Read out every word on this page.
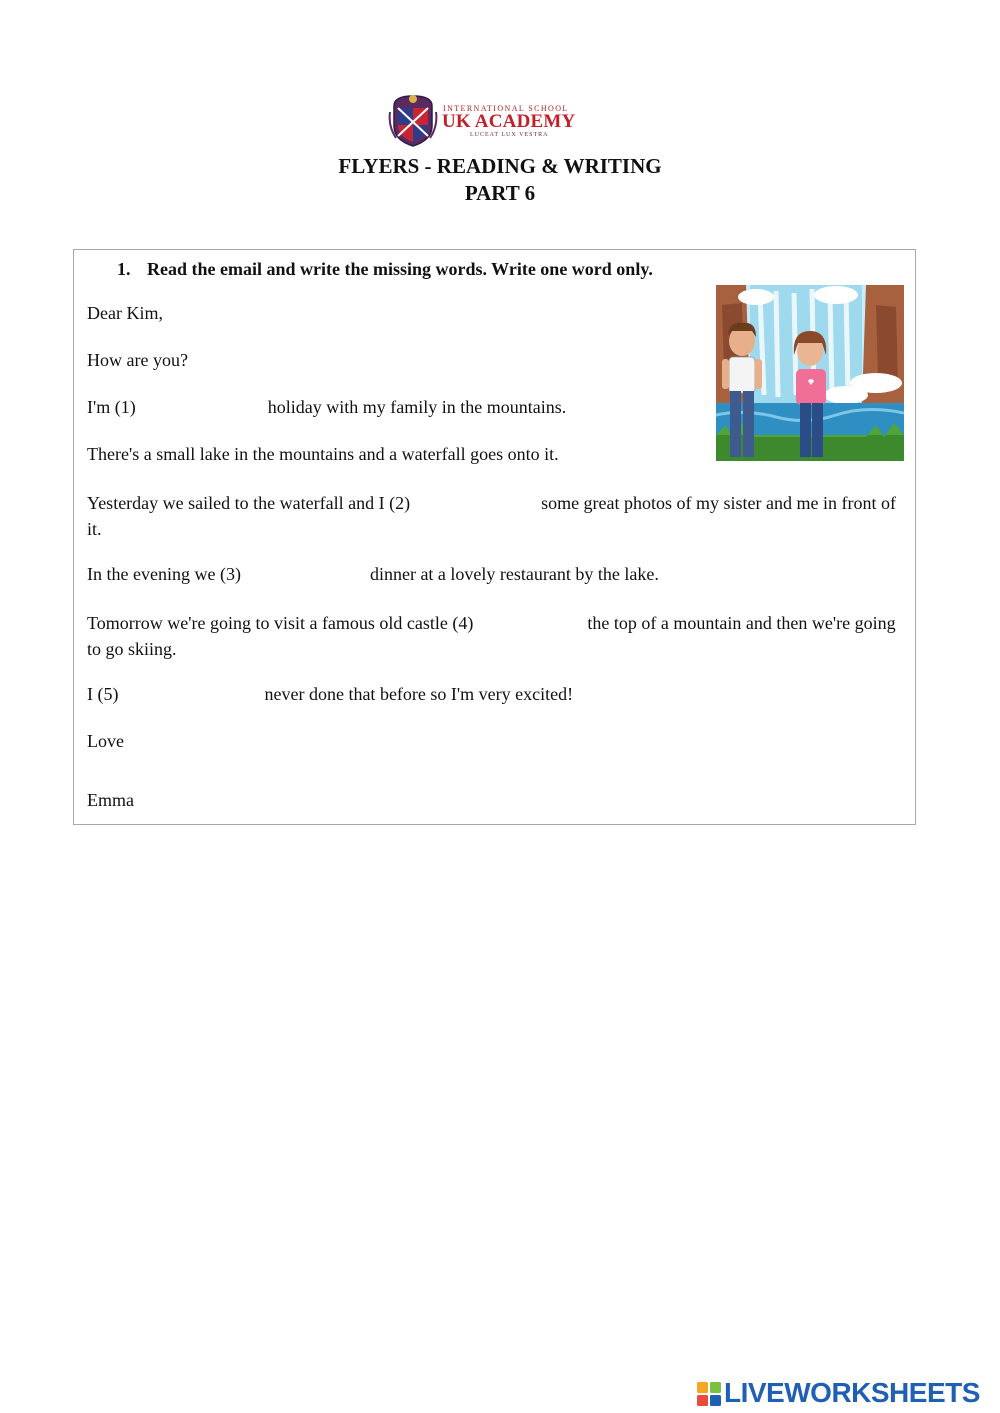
INTERNATIONAL SCHOOL
UK ACADEMY
LUCEAT LUX VESTRA
FLYERS - READING & WRITING
PART 6
1. Read the email and write the missing words. Write one word only.
Dear Kim,
How are you?
I'm (1)	holiday with my family in the mountains.
There's a small lake in the mountains and a waterfall goes onto it.
Yesterday we sailed to the waterfall and I (2)	some great photos of my sister and me in front of it.
In the evening we (3)	dinner at a lovely restaurant by the lake.
Tomorrow we're going to visit a famous old castle (4)	the top of a mountain and then we're going to go skiing.
I (5)	never done that before so I'm very excited!
Love
Emma
LIVEWORKSHEETS
